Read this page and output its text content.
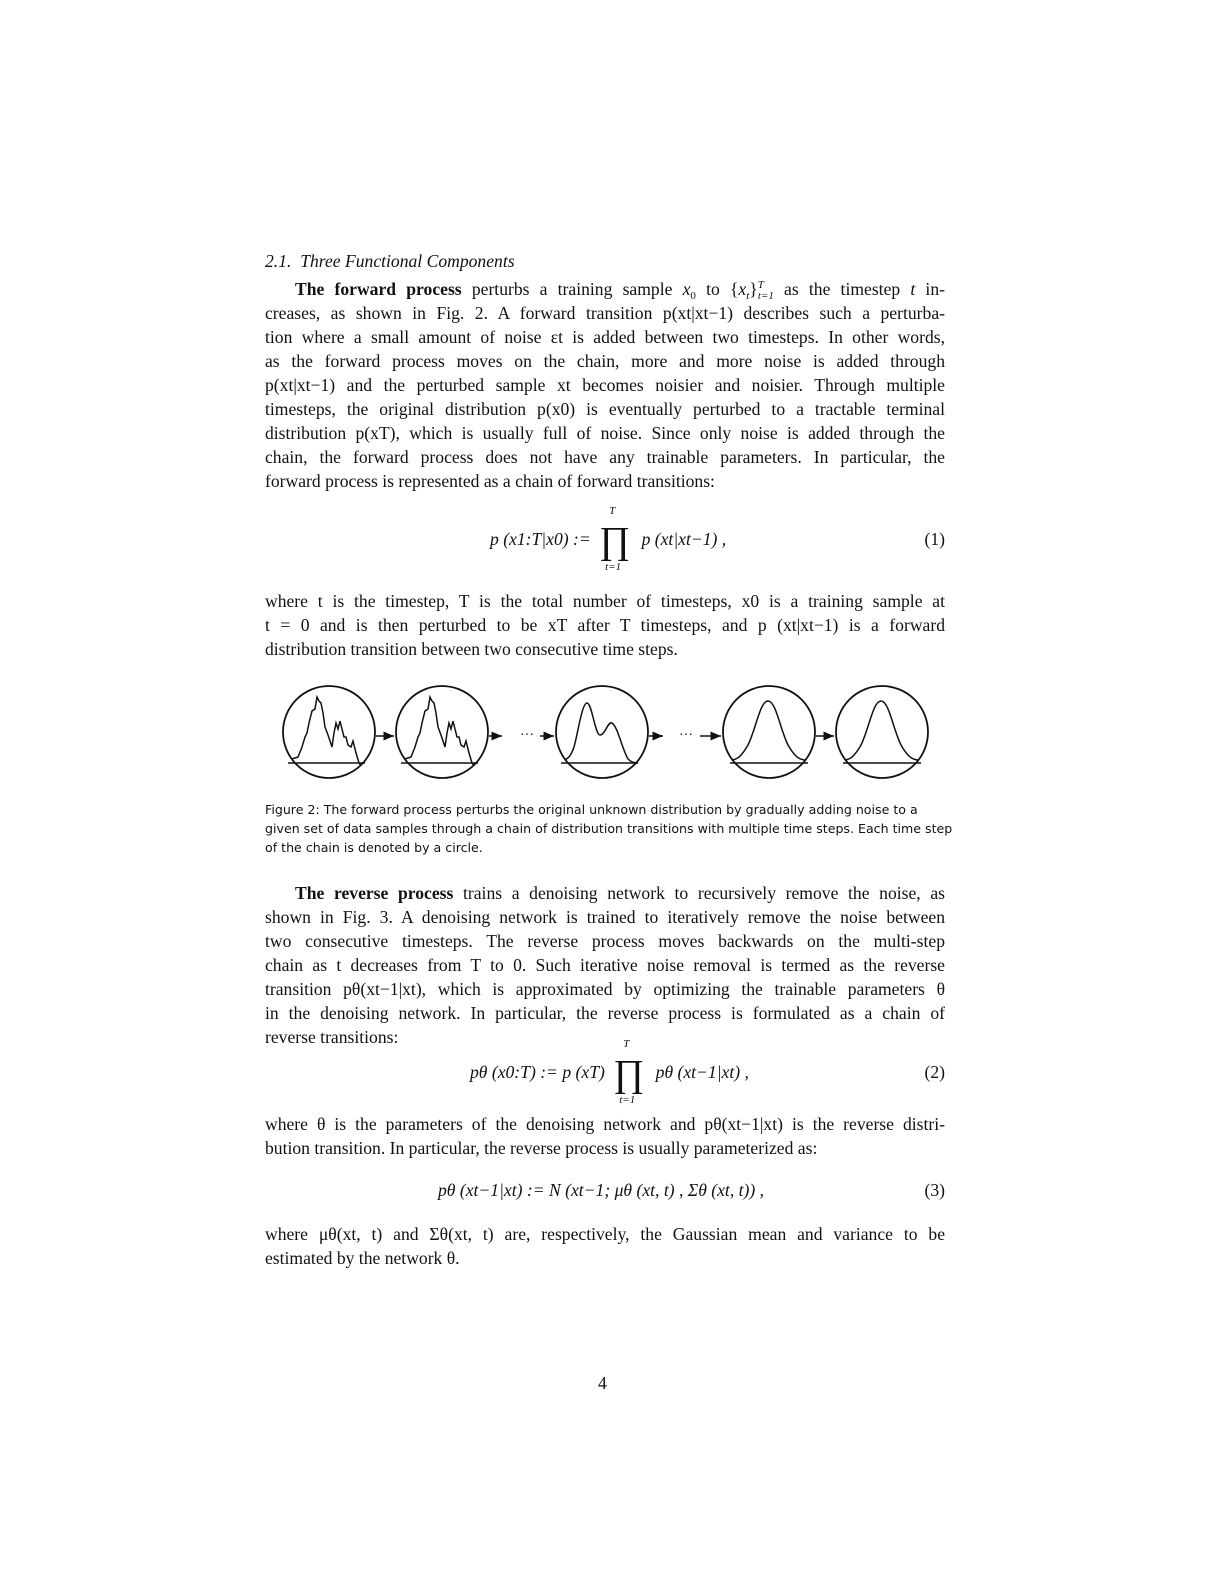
2.1. Three Functional Components
The forward process perturbs a training sample $x_0$ to $\{x_t\}^T_{t=1}$ as the timestep t in-
creases, as shown in Fig. 2. A forward transition p(xt|xt−1) describes such a perturba-
tion where a small amount of noise εt is added between two timesteps. In other words,
as the forward process moves on the chain, more and more noise is added through
p(xt|xt−1) and the perturbed sample xt becomes noisier and noisier. Through multiple
timesteps, the original distribution p(x0) is eventually perturbed to a tractable terminal
distribution p(xT), which is usually full of noise. Since only noise is added through the
chain, the forward process does not have any trainable parameters. In particular, the
forward process is represented as a chain of forward transitions:
p (x1:T|x0) := ∏
T
t=1
p (xt|xt−1) ,	(1)
where t is the timestep, T is the total number of timesteps, x0 is a training sample at
t = 0 and is then perturbed to be xT after T timesteps, and p (xt|xt−1) is a forward
distribution transition between two consecutive time steps.
Figure 2: The forward process perturbs the original unknown distribution by gradually adding noise to a
given set of data samples through a chain of distribution transitions with multiple time steps. Each time step
of the chain is denoted by a circle.
The reverse process trains a denoising network to recursively remove the noise, as
shown in Fig. 3. A denoising network is trained to iteratively remove the noise between
two consecutive timesteps. The reverse process moves backwards on the multi-step
chain as t decreases from T to 0. Such iterative noise removal is termed as the reverse
transition pθ(xt−1|xt), which is approximated by optimizing the trainable parameters θ
in the denoising network. In particular, the reverse process is formulated as a chain of
reverse transitions:
pθ (x0:T) := p (xT) ∏
T
t=1
pθ (xt−1|xt) ,	(2)
where θ is the parameters of the denoising network and pθ(xt−1|xt) is the reverse distri-
bution transition. In particular, the reverse process is usually parameterized as:
pθ (xt−1|xt) := N (xt−1; μθ (xt, t) , Σθ (xt, t)) ,	(3)
where μθ(xt, t) and Σθ(xt, t) are, respectively, the Gaussian mean and variance to be
estimated by the network θ.
···	···
4
